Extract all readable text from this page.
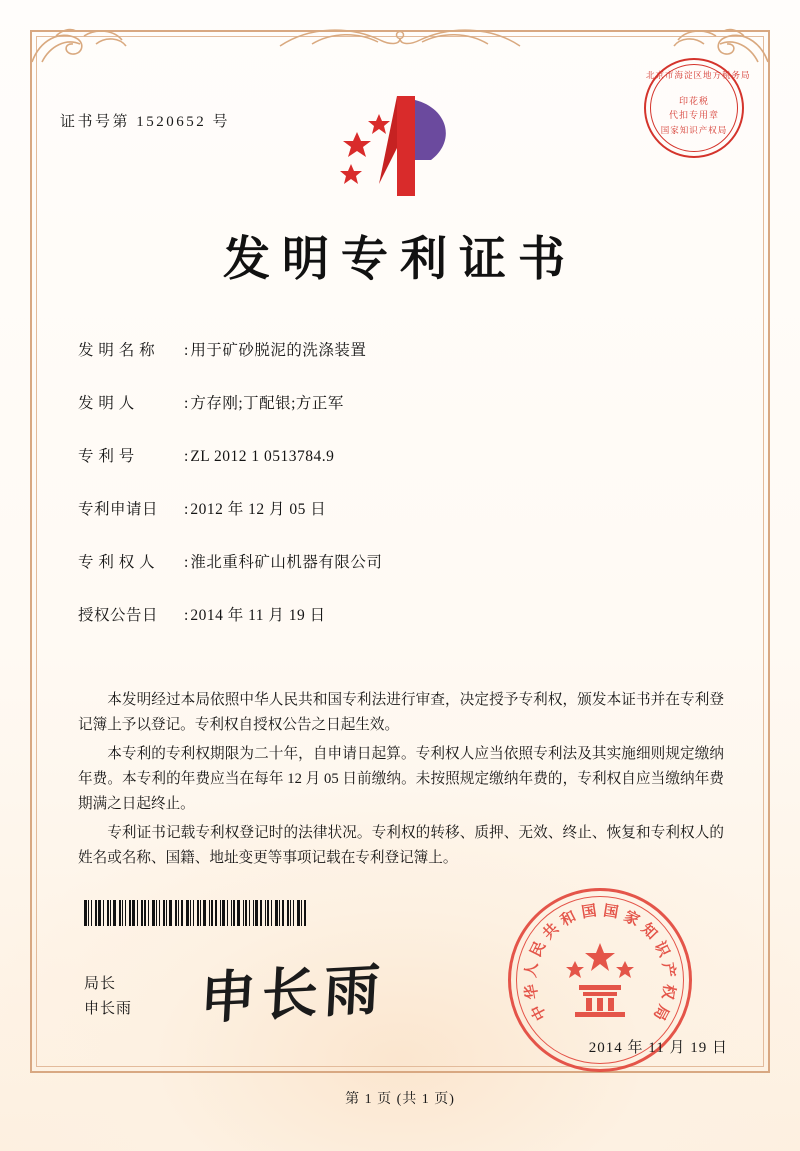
证书号第 1520652 号
北京市海淀区地方税务局
印花税
代扣专用章
国家知识产权局
发明专利证书
发 明 名 称	: 用于矿砂脱泥的洗涤装置
发 明 人	: 方存刚;丁配银;方正军
专 利 号	: ZL 2012 1 0513784.9
专利申请日	: 2012 年 12 月 05 日
专 利 权 人	: 淮北重科矿山机器有限公司
授权公告日	: 2014 年 11 月 19 日

本发明经过本局依照中华人民共和国专利法进行审查，决定授予专利权，颁发本证书并在专利登记簿上予以登记。专利权自授权公告之日起生效。

本专利的专利权期限为二十年，自申请日起算。专利权人应当依照专利法及其实施细则规定缴纳年费。本专利的年费应当在每年 12 月 05 日前缴纳。未按照规定缴纳年费的，专利权自应当缴纳年费期满之日起终止。

专利证书记载专利权登记时的法律状况。专利权的转移、质押、无效、终止、恢复和专利权人的姓名或名称、国籍、地址变更等事项记载在专利登记簿上。

局长
申长雨 申长雨	中
华
人
民
共
和 国 国 家
知
识
产
权
局
2014 年 11 月 19 日
第 1 页 (共 1 页)
